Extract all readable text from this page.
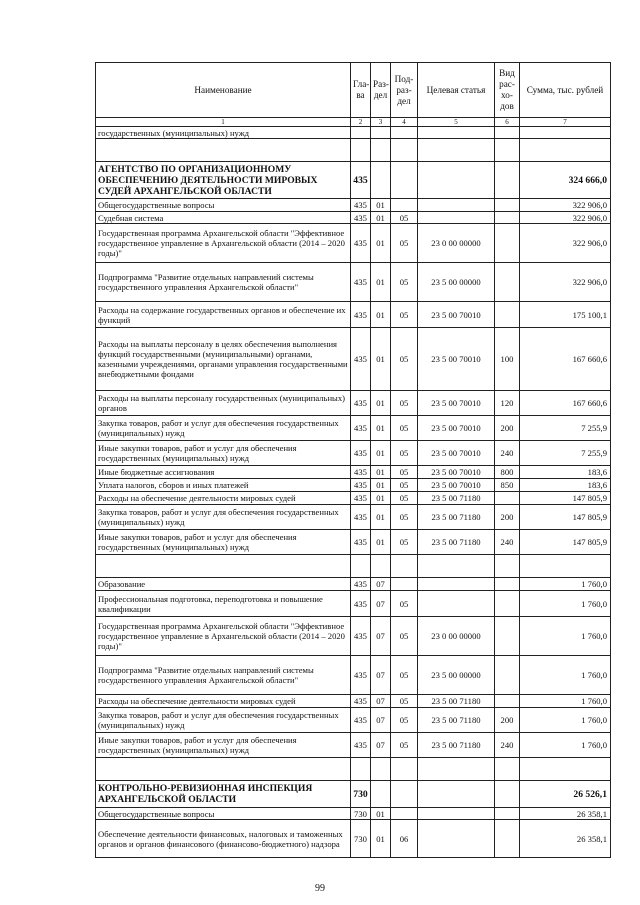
Наименование	Гла-ва	Раз-дел	Под-раз-дел	Целевая статья	Вид рас-хо-дов	Сумма, тыс. рублей
1	2	3	4	5	6	7
государственных (муниципальных) нужд						

АГЕНТСТВО ПО ОРГАНИЗАЦИОННОМУ ОБЕСПЕЧЕНИЮ ДЕЯТЕЛЬНОСТИ МИРОВЫХ СУДЕЙ АРХАНГЕЛЬСКОЙ ОБЛАСТИ	435					324 666,0
Общегосударственные вопросы	435	01				322 906,0
Судебная система	435	01	05			322 906,0
Государственная программа Архангельской области "Эффективное государственное управление в Архангельской области (2014 – 2020 годы)"	435	01	05	23 0 00 00000		322 906,0
Подпрограмма "Развитие отдельных направлений системы государственного управления Архангельской области"	435	01	05	23 5 00 00000		322 906,0
Расходы на содержание государственных органов и обеспечение их функций	435	01	05	23 5 00 70010		175 100,1
Расходы на выплаты персоналу в целях обеспечения выполнения функций государственными (муниципальными) органами, казенными учреждениями, органами управления государственными внебюджетными фондами	435	01	05	23 5 00 70010	100	167 660,6
Расходы на выплаты персоналу государственных (муниципальных) органов	435	01	05	23 5 00 70010	120	167 660,6
Закупка товаров, работ и услуг для обеспечения государственных (муниципальных) нужд	435	01	05	23 5 00 70010	200	7 255,9
Иные закупки товаров, работ и услуг для обеспечения государственных (муниципальных) нужд	435	01	05	23 5 00 70010	240	7 255,9
Иные бюджетные ассигнования	435	01	05	23 5 00 70010	800	183,6
Уплата налогов, сборов и иных платежей	435	01	05	23 5 00 70010	850	183,6
Расходы на обеспечение деятельности мировых судей	435	01	05	23 5 00 71180		147 805,9
Закупка товаров, работ и услуг для обеспечения государственных (муниципальных) нужд	435	01	05	23 5 00 71180	200	147 805,9
Иные закупки товаров, работ и услуг для обеспечения государственных (муниципальных) нужд	435	01	05	23 5 00 71180	240	147 805,9

Образование	435	07				1 760,0
Профессиональная подготовка, переподготовка и повышение квалификации	435	07	05			1 760,0
Государственная программа Архангельской области "Эффективное государственное управление в Архангельской области (2014 – 2020 годы)"	435	07	05	23 0 00 00000		1 760,0
Подпрограмма "Развитие отдельных направлений системы государственного управления Архангельской области"	435	07	05	23 5 00 00000		1 760,0
Расходы на обеспечение деятельности мировых судей	435	07	05	23 5 00 71180		1 760,0
Закупка товаров, работ и услуг для обеспечения государственных (муниципальных) нужд	435	07	05	23 5 00 71180	200	1 760,0
Иные закупки товаров, работ и услуг для обеспечения государственных (муниципальных) нужд	435	07	05	23 5 00 71180	240	1 760,0

КОНТРОЛЬНО-РЕВИЗИОННАЯ ИНСПЕКЦИЯ АРХАНГЕЛЬСКОЙ ОБЛАСТИ	730					26 526,1
Общегосударственные вопросы	730	01				26 358,1
Обеспечение деятельности финансовых, налоговых и таможенных органов и органов финансового (финансово-бюджетного) надзора	730	01	06			26 358,1
99
